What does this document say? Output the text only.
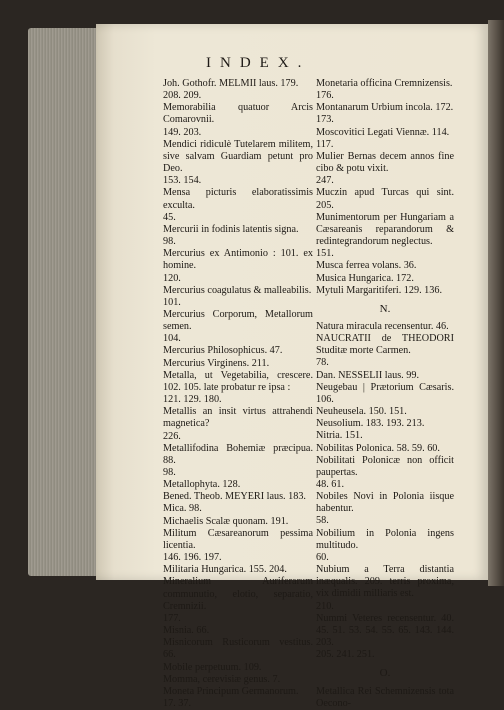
INDEX.
Joh. Gothofr. MELMII laus. 179.
208. 209.
Memorabilia quatuor Arcis Comarovnii.
149. 203.
Mendici ridiculè Tutelarem militem, sive salvam Guardiam petunt pro Deo.
153. 154.
Mensa picturis elaboratissimis exculta.
45.
Mercurii in fodinis latentis signa.
98.
Mercurius ex Antimonio : 101. ex homine.
120.
Mercurius coagulatus & malleabilis.
101.
Mercurius Corporum, Metallorum semen.
104.
Mercurius Philosophicus. 47.
Mercurius Virginens. 211.
Metalla, ut Vegetabilia, crescere. 102. 105. late probatur re ipsa :
121. 129. 180.
Metallis an insit virtus attrahendi magnetica?
226.
Metallifodina Bohemiæ præcipua. 88.
98.
Metallophyta. 128.
Bened. Theob. MEYERI laus. 183.
Mica. 98.
Michaelis Scalæ quonam. 191.
Militum Cæsareanorum pessima licentia.
146. 196. 197.
Militaria Hungarica. 155. 204.
Mineralium Auriferarum communutio, elotio, separatio, Cremnizii.
177.
Misnia. 66.
Misnicorum Rusticorum vestitus. 66.
Mobile perpetuum. 109.
Momma, cerevisiæ genus. 7.
Moneta Principum Germanorum.
17. 37.
Monetaria officina Cremnizensis.
176.
Montanarum Urbium incola. 172.
173.
Moscovitici Legati Viennæ. 114.
117.
Mulier Bernas decem annos fine cibo & potu vixit.
247.
Muczin apud Turcas qui sint. 205.
Munimentorum per Hungariam a Cæsareanis reparandorum & redintegrandorum neglectus.
151.
Musca ferrea volans. 36.
Musica Hungarica. 172.
Mytuli Margaritiferi. 129. 136.
N.
Natura miracula recensentur. 46.
NAUCRATII de THEODORI Studitæ morte Carmen.
78.
Dan. NESSELII laus. 99.
Neugebau | Prætorium Cæsaris. 106.
Neuheusela. 150. 151.
Neusolium. 183. 193. 213.
Nitria. 151.
Nobilitas Polonica. 58. 59. 60.
Nobilitati Polonicæ non officit paupertas.
48. 61.
Nobiles Novi in Polonia iisque habentur.
58.
Nobilium in Polonia ingens multitudo.
60.
Nubium a Terra distantia inæqualis. 209. terris proxima, vix dimidii milliaris est.
210.
Nummi Veteres recensentur. 40. 45. 51. 53. 54. 55. 65. 143. 144. 203.
205. 241. 251.
O.
Metallica Rei Schemnizensis tota Oecono-
